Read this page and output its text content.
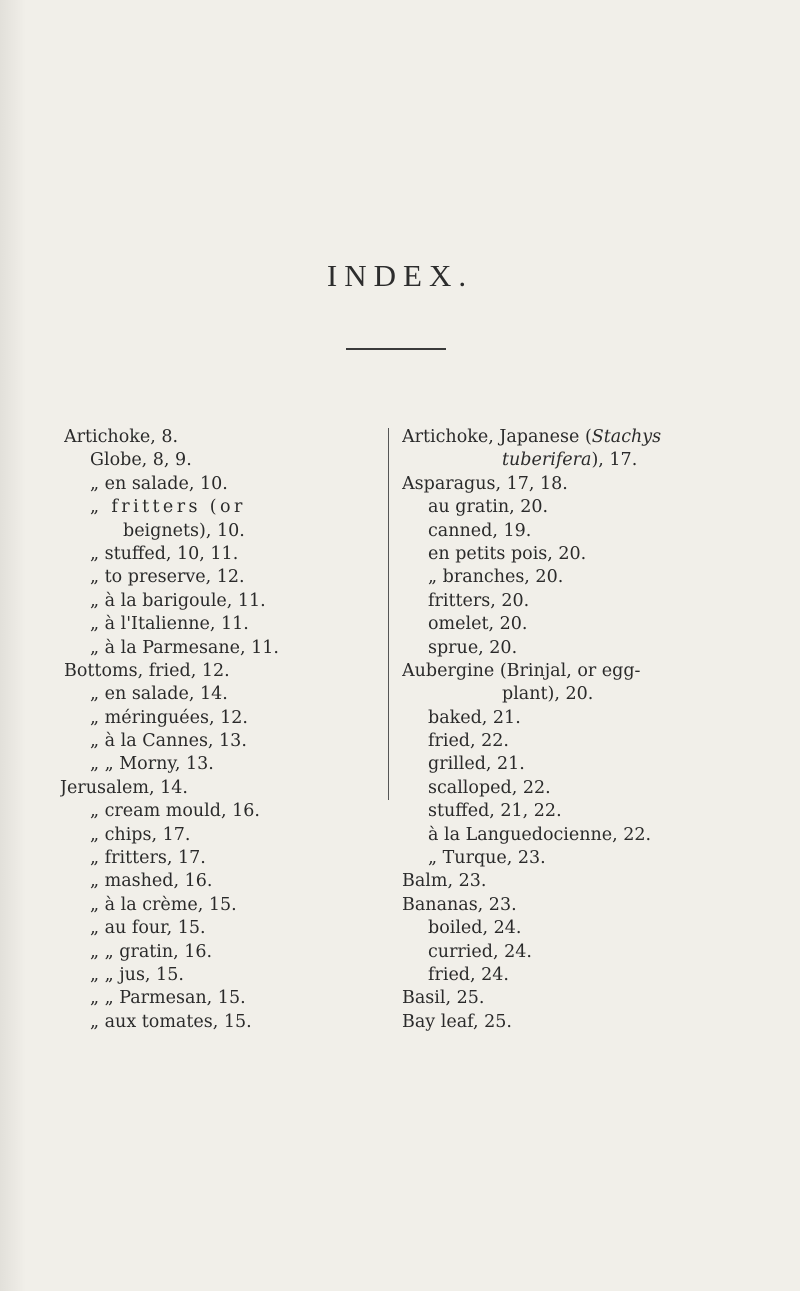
INDEX.
Artichoke, 8.
Globe, 8, 9.
„ en salade, 10.
„ fritters (or
beignets), 10.
„ stuffed, 10, 11.
„ to preserve, 12.
„ à la barigoule, 11.
„ à l'Italienne, 11.
„ à la Parmesane, 11.
Bottoms, fried, 12.
„ en salade, 14.
„ méringuées, 12.
„ à la Cannes, 13.
„ „ Morny, 13.
Jerusalem, 14.
„ cream mould, 16.
„ chips, 17.
„ fritters, 17.
„ mashed, 16.
„ à la crème, 15.
„ au four, 15.
„ „ gratin, 16.
„ „ jus, 15.
„ „ Parmesan, 15.
„ aux tomates, 15.
Artichoke, Japanese (Stachys
tuberifera), 17.
Asparagus, 17, 18.
au gratin, 20.
canned, 19.
en petits pois, 20.
„ branches, 20.
fritters, 20.
omelet, 20.
sprue, 20.
Aubergine (Brinjal, or egg-
plant), 20.
baked, 21.
fried, 22.
grilled, 21.
scalloped, 22.
stuffed, 21, 22.
à la Languedocienne, 22.
„ Turque, 23.
Balm, 23.
Bananas, 23.
boiled, 24.
curried, 24.
fried, 24.
Basil, 25.
Bay leaf, 25.
